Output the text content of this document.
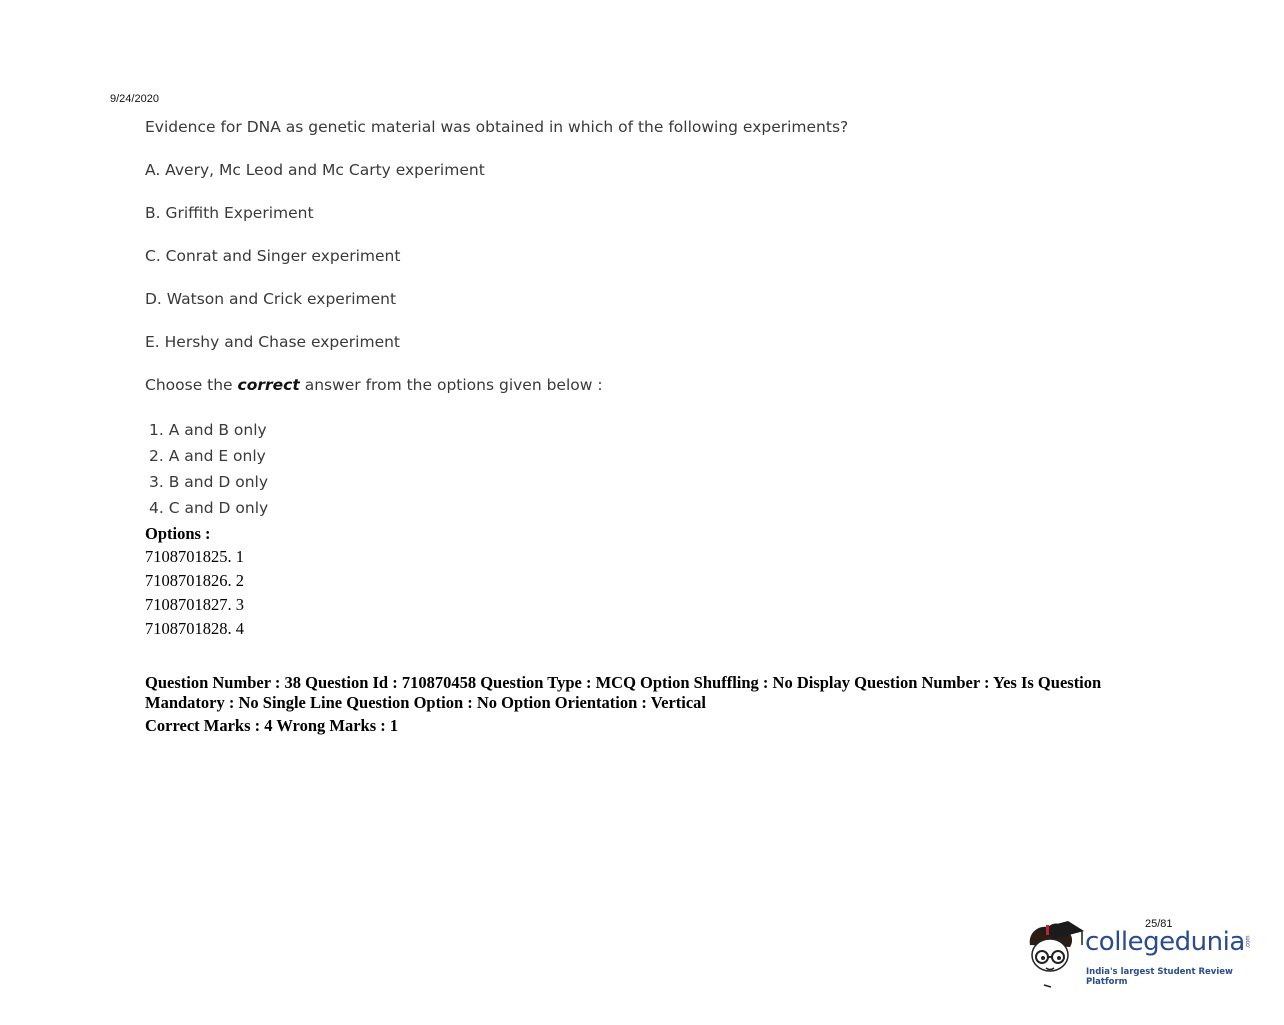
9/24/2020

Evidence for DNA as genetic material was obtained in which of the following experiments?

A. Avery, Mc Leod and Mc Carty experiment
B. Griffith Experiment
C. Conrat and Singer experiment
D. Watson and Crick experiment
E. Hershy and Chase experiment
Choose the correct answer from the options given below :
1. A and B only
2. A and E only
3. B and D only
4. C and D only
Options :
7108701825. 1
7108701826. 2
7108701827. 3
7108701828. 4
Question Number : 38 Question Id : 710870458 Question Type : MCQ Option Shuffling : No Display Question Number : Yes Is Question Mandatory : No Single Line Question Option : No Option Orientation : Vertical
Correct Marks : 4 Wrong Marks : 1
25/81
collegedunia .com
India's largest Student Review Platform
